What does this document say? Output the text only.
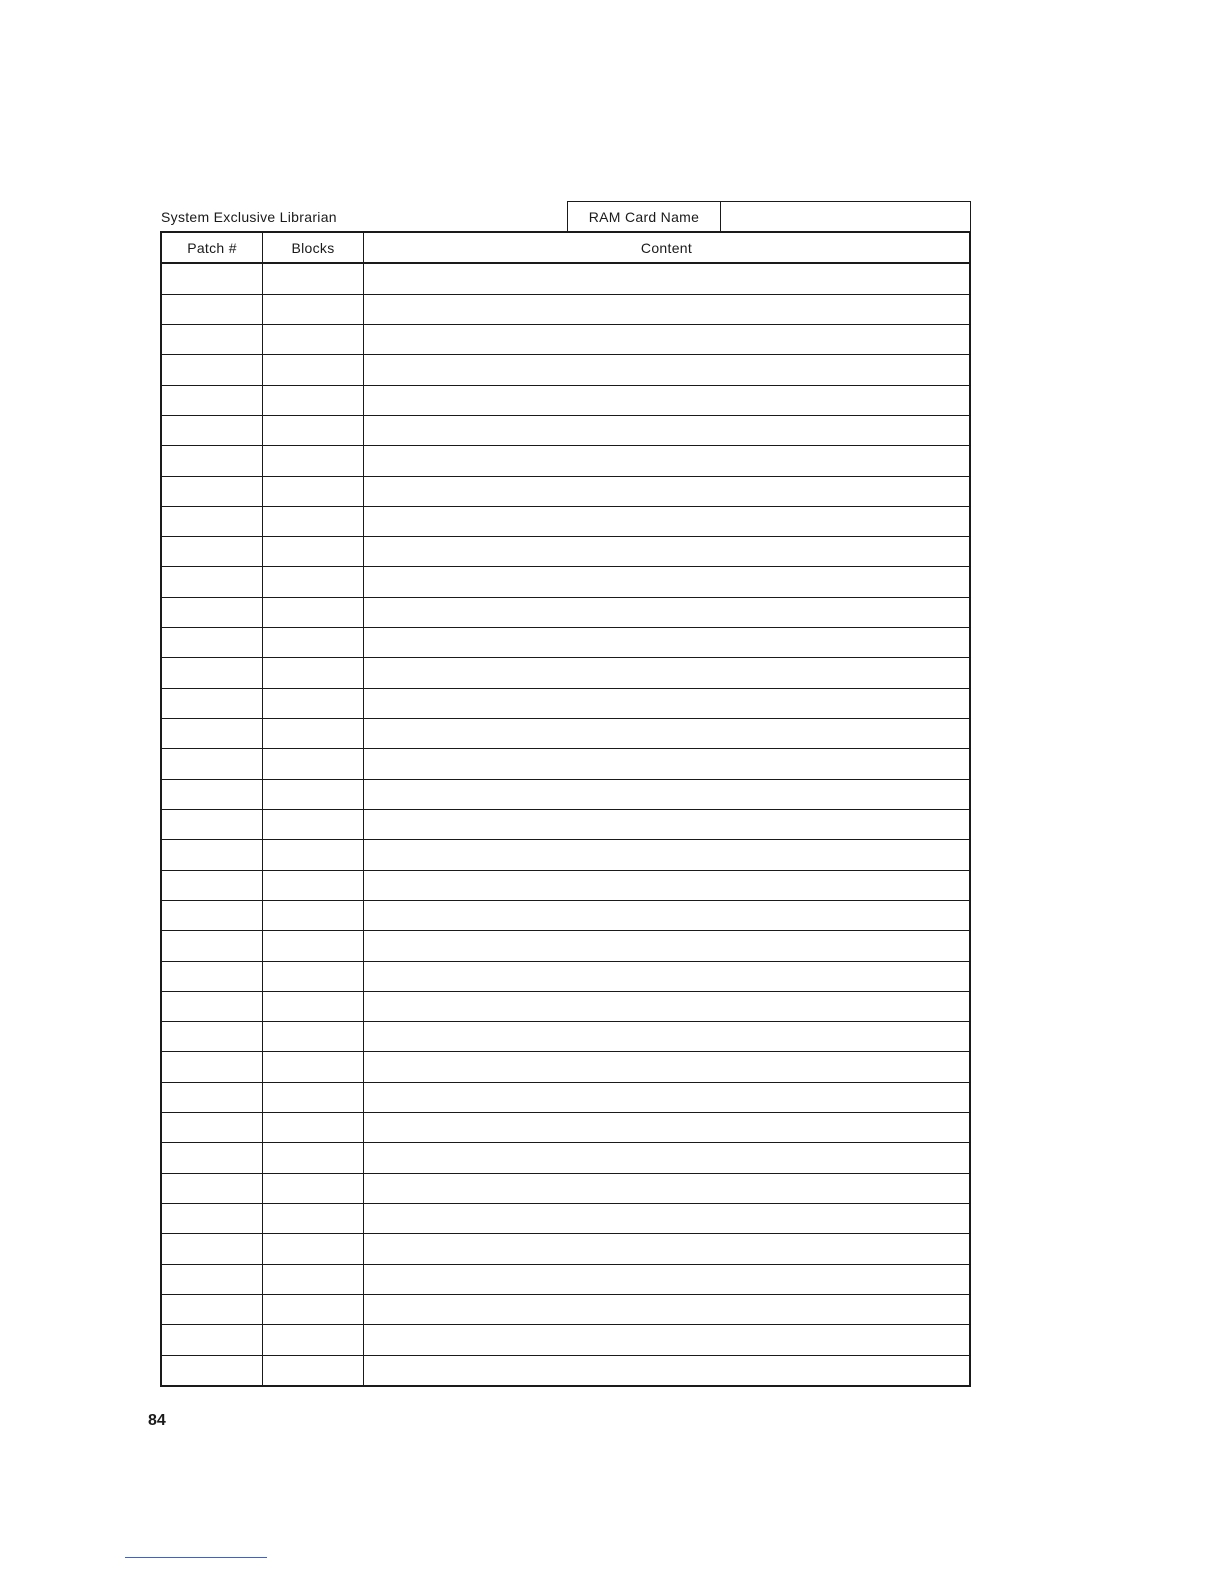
System Exclusive Librarian	RAM Card Name
Patch #	Blocks	Content
84
